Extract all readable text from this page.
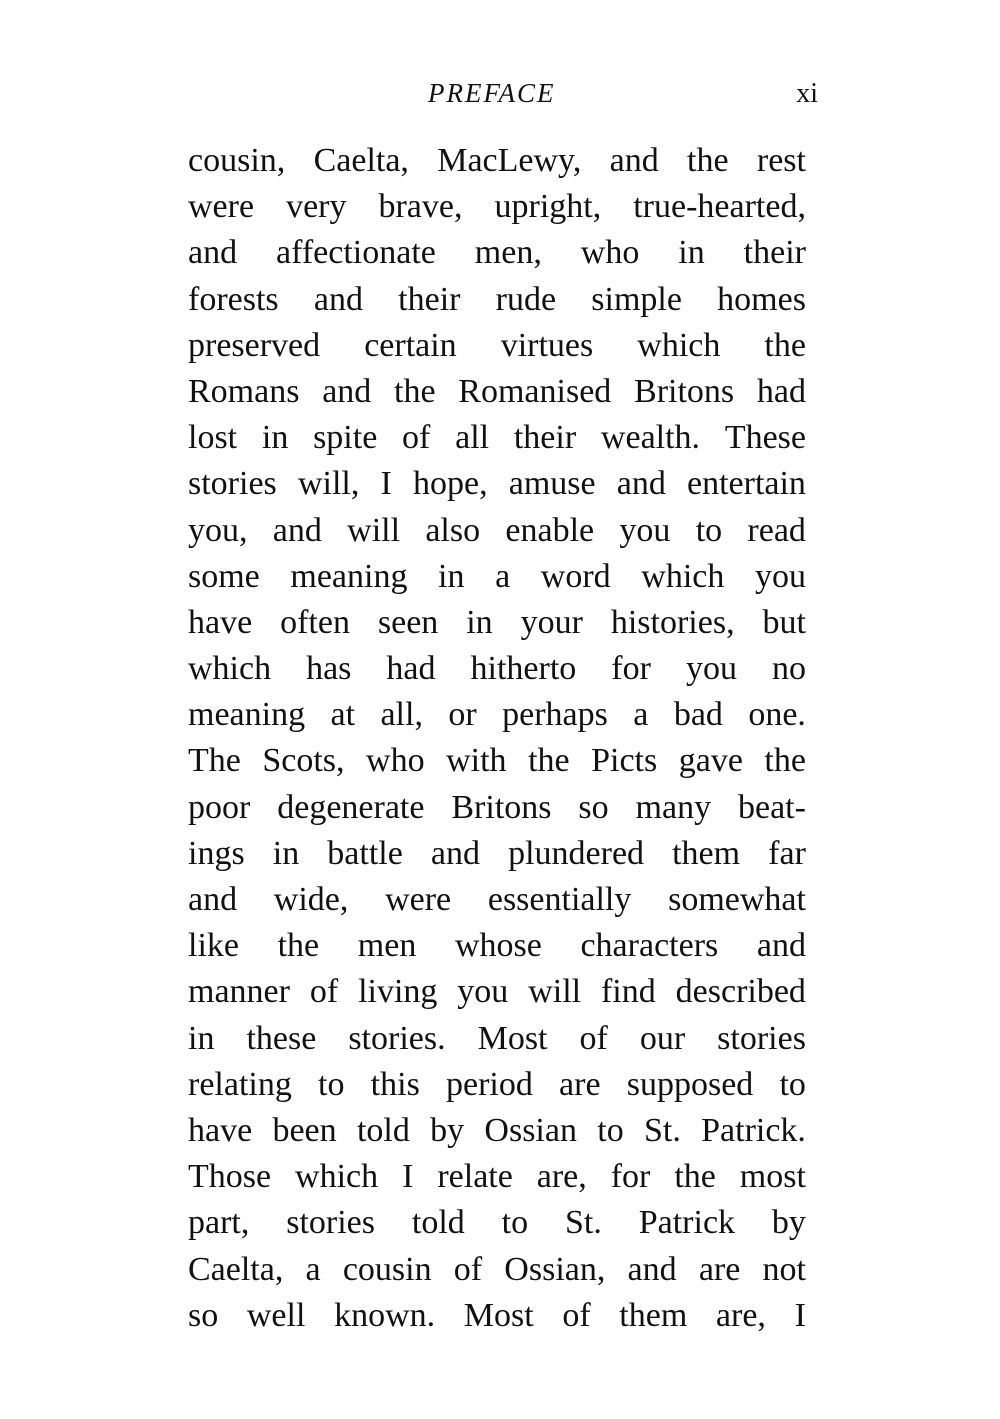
PREFACE	xi
cousin, Caelta, MacLewy, and the rest
were very brave, upright, true-hearted,
and affectionate men, who in their
forests and their rude simple homes
preserved certain virtues which the
Romans and the Romanised Britons had
lost in spite of all their wealth. These
stories will, I hope, amuse and entertain
you, and will also enable you to read
some meaning in a word which you
have often seen in your histories, but
which has had hitherto for you no
meaning at all, or perhaps a bad one.
The Scots, who with the Picts gave the
poor degenerate Britons so many beat-
ings in battle and plundered them far
and wide, were essentially somewhat
like the men whose characters and
manner of living you will find described
in these stories. Most of our stories
relating to this period are supposed to
have been told by Ossian to St. Patrick.
Those which I relate are, for the most
part, stories told to St. Patrick by
Caelta, a cousin of Ossian, and are not
so well known. Most of them are, I
